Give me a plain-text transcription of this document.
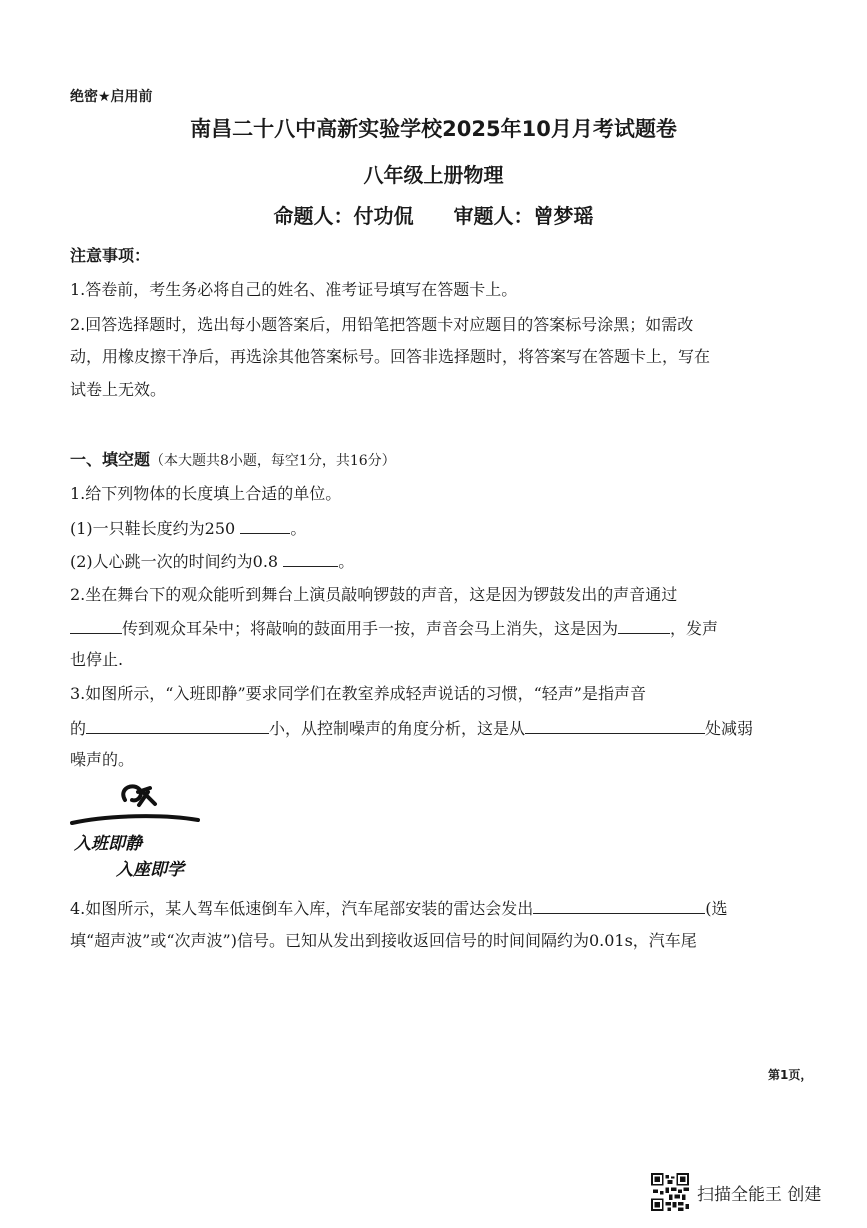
绝密★启用前
南昌二十八中高新实验学校2025年10月月考试题卷
八年级上册物理
命题人：付功侃 审题人：曾梦瑶
注意事项：
1.答卷前，考生务必将自己的姓名、准考证号填写在答题卡上。
2.回答选择题时，选出每小题答案后，用铅笔把答题卡对应题目的答案标号涂黑；如需改
动，用橡皮擦干净后，再选涂其他答案标号。回答非选择题时，将答案写在答题卡上，写在
试卷上无效。
一、填空题（本大题共8小题，每空1分，共16分）
1.给下列物体的长度填上合适的单位。
(1)一只鞋长度约为250	。
(2)人心跳一次的时间约为0.8	。
2.坐在舞台下的观众能听到舞台上演员敲响锣鼓的声音，这是因为锣鼓发出的声音通过
传到观众耳朵中；将敲响的鼓面用手一按，声音会马上消失，这是因为	，发声
也停止.
3.如图所示，“入班即静”要求同学们在教室养成轻声说话的习惯，“轻声”是指声音
的	小，从控制噪声的角度分析，这是从	处减弱
噪声的。
入班即静
入座即学
4.如图所示，某人驾车低速倒车入库，汽车尾部安装的雷达会发出	(选
填“超声波”或“次声波”)信号。已知从发出到接收返回信号的时间间隔约为0.01s，汽车尾
第1页，
扫描全能王 创建
